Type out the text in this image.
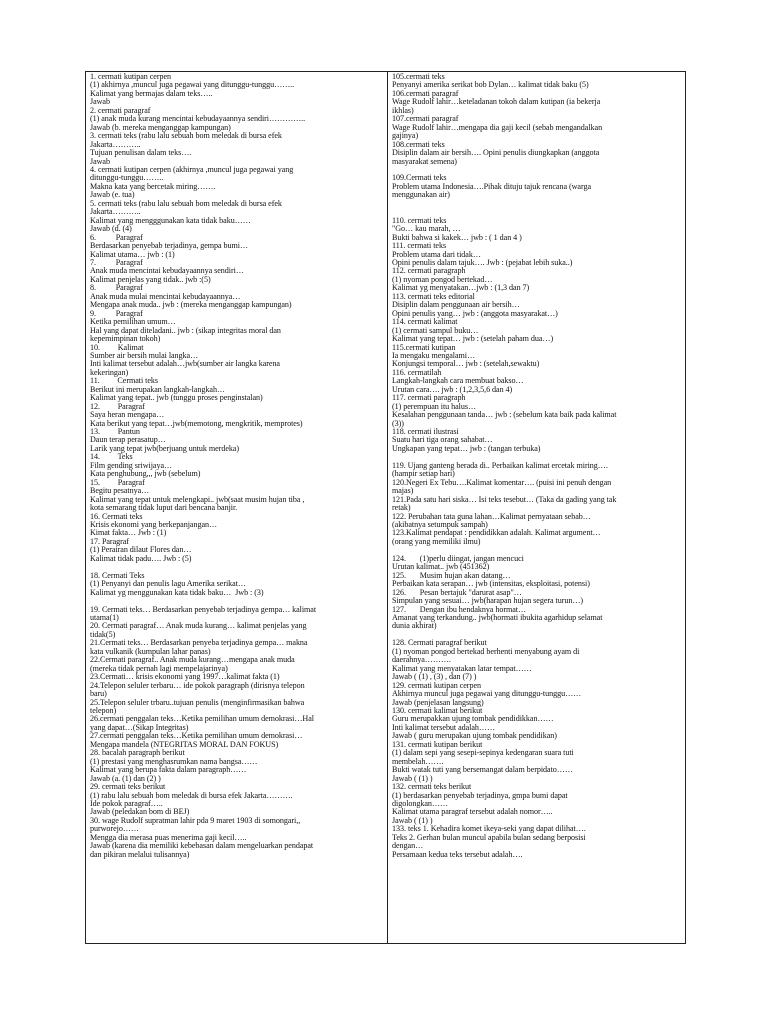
1. cermati kutipan cerpen
(1) akhirnya ,muncul juga pegawai yang ditunggu-tunggu……..
Kalimat yang bermajas dalam teks…..
Jawab
2. cermati paragraf
(1) anak muda kurang mencintai kebudayaannya sendiri…………..
Jawab (b. mereka menganggap kampungan)
3. cermati teks (rabu lalu sebuah bom meledak di bursa efek
Jakarta………..
Tujuan penulisan dalam teks….
Jawab
4. cermati kutipan cerpen (akhirnya ,muncul juga pegawai yang
ditunggu-tunggu……..
Makna kata yang bercetak miring…….
Jawab (e. tua)
5. cermati teks (rabu lalu sebuah bom meledak di bursa efek
Jakarta………..
Kalimat yang mengggunakan kata tidak baku……
Jawab (d. (4)
6.          Paragraf
Berdasarkan penyebab terjadinya, gempa bumi…
Kalimat utama… jwb : (1)
7.          Paragraf
Anak muda mencintai kebudayaannya sendiri…
Kalimat penjelas yang tidak.. jwb :(5)
8.          Paragraf
Anak muda mulai mencintai kebudayaannya…
Mengapa anak muda.. jwb : (mereka menganggap kampungan)
9.          Paragraf
Ketika pemilihan umum…
Hal yang dapat diteladani.. jwb : (sikap integritas moral dan
kepemimpinan tokoh)
10.         Kalimat
Sumber air bersih mulai langka…
Inti kalimat tersebut adalah…jwb(sumber air langka karena
kekeringan)
11.         Cermati teks
Berikut ini merupakan langkah-langkah…
Kalimat yang tepat.. jwb (tunggu proses penginstalan)
12.         Paragraf
Saya heran mengapa…
Kata berikut yang tepat…jwb(memotong, mengkritik, memprotes)
13.         Pantun
Daun terap perasatup…
Larik yang tepat jwb(berjuang untuk merdeka)
14.         Teks
Film gending sriwijaya…
Kata penghubung,,, jwb (sebelum)
15.         Paragraf
Begitu pesatnya…
Kalimat yang tepat untuk melengkapi.. jwb(saat musim hujan tiba ,
kota semarang tidak luput dari bencana banjir.
16. Cermati teks
Krisis ekonomi yang berkepanjangan…
Kimat fakta… Jwb : (1)
17. Paragraf
(1) Perairan dilaut Flores dan…
Kalimat tidak padu…. Jwb : (5)

18. Cermati Teks
(1) Penyanyi dan penulis lagu Amerika serikat…
Kalimat yg menggunakan kata tidak baku…  Jwb : (3)

19. Cermati teks… Berdasarkan penyebab terjadinya gempa… kalimat
utama(1)
20. Cermati paragraf… Anak muda kurang… kalimat penjelas yang
tidak(5)
21.Cermati teks… Berdasarkan penyeba terjadinya gempa… makna
kata vulkanik (kumpulan lahar panas)
22.Cermati paragraf.. Anak muda kurang…mengapa anak muda
(mereka tidak pernah lagi mempelajarinya)
23.Cermati… krisis ekonomi yang 1997…kalimat fakta (1)
24.Telepon seluler terbaru… ide pokok paragraph (dirisnya telepon
baru)
25.Telepon seluler trbaru..tujuan penulis (menginfirmasikan bahwa
telepon)
26.cermati penggalan teks…Ketika pemilihan umum demokrasi…Hal
yang dapat…(Sikap Integritas)
27.cermati penggalan teks…Ketika pemilihan umum demokrasi…
Mengapa mandela (NTEGRITAS MORAL DAN FOKUS)
28. bacalah paragraph berikut
(1) prestasi yang menghasrumkan nama bangsa……
Kalimat yang berupa fakta dalam paragraph……
Jawab (a. (1) dan (2) )
29. cermati teks berikut
(1) rabu lalu sebuah bom meledak di bursa efek Jakarta……….
Ide pokok paragraf…..
Jawab (peledakan bom di BEJ)
30. wage Rudolf supratman lahir pda 9 maret 1903 di somongari,,
purworejo……
Mengga dia merasa puas menerima gaji kecil…..
Jawab (karena dia memiliki kebebasan dalam mengeluarkan pendapat
dan pikiran melalui tulisannya)
105.cermati teks
Penyanyi amerika serikat bob Dylan… kalimat tidak baku (5)
106.cermati paragraf
Wage Rudolf lahir…keteladanan tokoh dalam kutipan (ia bekerja
ikhlas)
107.cermati paragraf
Wage Rudolf lahir…mengapa dia gaji kecil (sebab mengandalkan
gajinya)
108.cermati teks
Disiplin dalam air bersih…. Opini penulis diungkapkan (anggota
masyarakat semena)

109.Cermati teks
Problem utama Indonesia….Pihak dituju tajuk rencana (warga
menggunakan air)

110. cermati teks
"Go… kau marah, …
Bukti bahwa si kakek… jwb : ( 1 dan 4 )
111. cermati teks
Problem utama dari tidak…
Opini penulis dalam tajuk…. Jwb : (pejabat lebih suka..)
112. cermati paragraph
(1) nyoman pongod bertekad…
Kalimat yg menyatakan…jwb : (1,3 dan 7)
113. cermati teks editorial
Disiplin dalam penggunaan air bersih…
Opini penulis yang… jwb : (anggota masyarakat…)
114. cermati kalimat
(1) cermati sampul buku…
Kalimat yang tepat… jwb : (setelah paham dua…)
115.cermati kutipan
Ia mengaku mengalami…
Konjungsi temporal… jwb : (setelah,sewaktu)
116. cermatilah
Langkah-langkah cara membuat bakso…
Urutan cara…. jwb : (1,2,3,5,6 dan 4)
117. cermati paragraph
(1) perempuan itu halus…
Kesalahan penggunaan tanda… jwb : (sebelum kata baik pada kalimat
(3))
118. cermati ilustrasi
Suatu hari tiga orang sahabat…
Ungkapan yang tepat… jwb : (tangan terbuka)

119. Ujang ganteng berada di.. Perbaikan kalimat ercetak miring….
(hampir setiap hari)
120.Negeri Ex Tebu….Kalimat komentar…. (puisi ini penuh dengan
majas)
121.Pada satu hari siska… Isi teks tesebut… (Taka da gading yang tak
retak)
122. Perubahan tata guna lahan…Kalimat pernyataan sebab…
(akibatnya setumpuk sampah)
123.Kalimat pendapat : pendidikkan adalah. Kalimat argument…
(orang yang memiliki ilmu)

124.       (1)perlu diingat, jangan mencuci
Urutan kalimat.. jwb (451362)
125.       Musim hujan akan datang…
Perbaikan kata serapan… jwb (intensitas, eksploitasi, potensi)
126.       Pesan bertajuk "darurat asap"…
Simpulan yang sesuai… jwb(harapan hujan segera turun…)
127.       Dengan ibu hendaknya hormat…
Amanat yang terkandung.. jwb(hormati ibukita agarhidup selamat
dunia akhirat)

128. Cermati paragraf berikut
(1) nyoman pongod bertekad berhenti menyabung ayam di
daerahnya……….
Kalimat yang menyatakan latar tempat……
Jawab ( (1) , (3) , dan (7) )
129. cermati kutipan cerpen
Akhirnya muncul juga pegawai yang ditunggu-tunggu……
Jawab (penjelasan langsung)
130. cermati kalimat berikut
Guru merupakkan ujung tombak pendidikkan……
Inti kalimat tersebut adalah……
Jawab ( guru merupakan ujung tombak pendidikan)
131. cermati kutipan berikut
(1) dalam sepi yang sesepi-sepinya kedengaran suara tuti
membelah…….
Bukti watak tuti yang bersemangat dalam berpidato……
Jawab ( (1) )
132. cermati teks berikut
(1) berdasarkan penyebab terjadinya, gmpa bumi dapat
digolongkan……
Kalimat utama paragraf tersebut adalah nomor…..
Jawab ( (1) )
133. teks 1. Kehadira komet ikeya-seki yang dapat dilihat….
Teks 2. Gerhan bulan muncul apabila bulan sedang berposisi
dengan…
Persamaan kedua teks tersebut adalah….
